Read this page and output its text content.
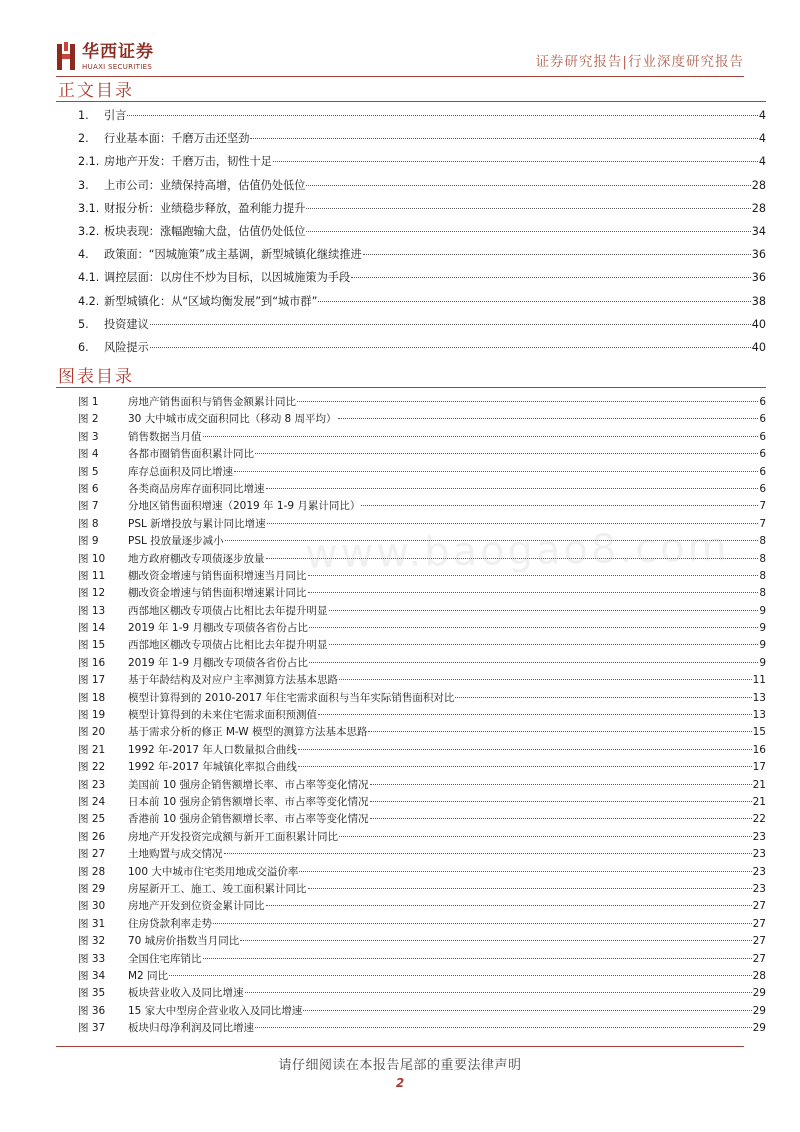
华西证券
HUAXI SECURITIES	证券研究报告|行业深度研究报告
正文目录
1.	引言	4
2.	行业基本面：千磨万击还坚劲	4
2.1. 房地产开发：千磨万击，韧性十足	4
3.	上市公司：业绩保持高增，估值仍处低位	28
3.1. 财报分析：业绩稳步释放，盈利能力提升	28
3.2. 板块表现：涨幅跑输大盘，估值仍处低位	34
4.	政策面：“因城施策”成主基调，新型城镇化继续推进	36
4.1. 调控层面：以房住不炒为目标，以因城施策为手段	36
4.2. 新型城镇化：从“区域均衡发展”到“城市群”	38
5.	投资建议	40
6.	风险提示	40
图表目录
图 1	房地产销售面积与销售金额累计同比	6
图 2	30 大中城市成交面积同比（移动 8 周平均）	6
图 3	销售数据当月值	6
图 4	各都市圈销售面积累计同比	6
图 5	库存总面积及同比增速	6
图 6	各类商品房库存面积同比增速	6
图 7	分地区销售面积增速（2019 年 1-9 月累计同比）	7
图 8	PSL 新增投放与累计同比增速	7
图 9	PSL 投放量逐步减小	8
图 10	地方政府棚改专项债逐步放量	8
图 11	棚改资金增速与销售面积增速当月同比	8
图 12	棚改资金增速与销售面积增速累计同比	8
图 13	西部地区棚改专项债占比相比去年提升明显	9
图 14	2019 年 1-9 月棚改专项债各省份占比	9
图 15	西部地区棚改专项债占比相比去年提升明显	9
图 16	2019 年 1-9 月棚改专项债各省份占比	9
图 17	基于年龄结构及对应户主率测算方法基本思路	11
图 18	模型计算得到的 2010-2017 年住宅需求面积与当年实际销售面积对比	13
图 19	模型计算得到的未来住宅需求面积预测值	13
图 20	基于需求分析的修正 M-W 模型的测算方法基本思路	15
图 21	1992 年-2017 年人口数量拟合曲线	16
图 22	1992 年-2017 年城镇化率拟合曲线	17
图 23	美国前 10 强房企销售额增长率、市占率等变化情况	21
图 24	日本前 10 强房企销售额增长率、市占率等变化情况	21
图 25	香港前 10 强房企销售额增长率、市占率等变化情况	22
图 26	房地产开发投资完成额与新开工面积累计同比	23
图 27	土地购置与成交情况	23
图 28	100 大中城市住宅类用地成交溢价率	23
图 29	房屋新开工、施工、竣工面积累计同比	23
图 30	房地产开发到位资金累计同比	27
图 31	住房贷款利率走势	27
图 32	70 城房价指数当月同比	27
图 33	全国住宅库销比	27
图 34	M2 同比	28
图 35	板块营业收入及同比增速	29
图 36	15 家大中型房企营业收入及同比增速	29
图 37	板块归母净利润及同比增速	29
www.baogao8.com
请仔细阅读在本报告尾部的重要法律声明
2
